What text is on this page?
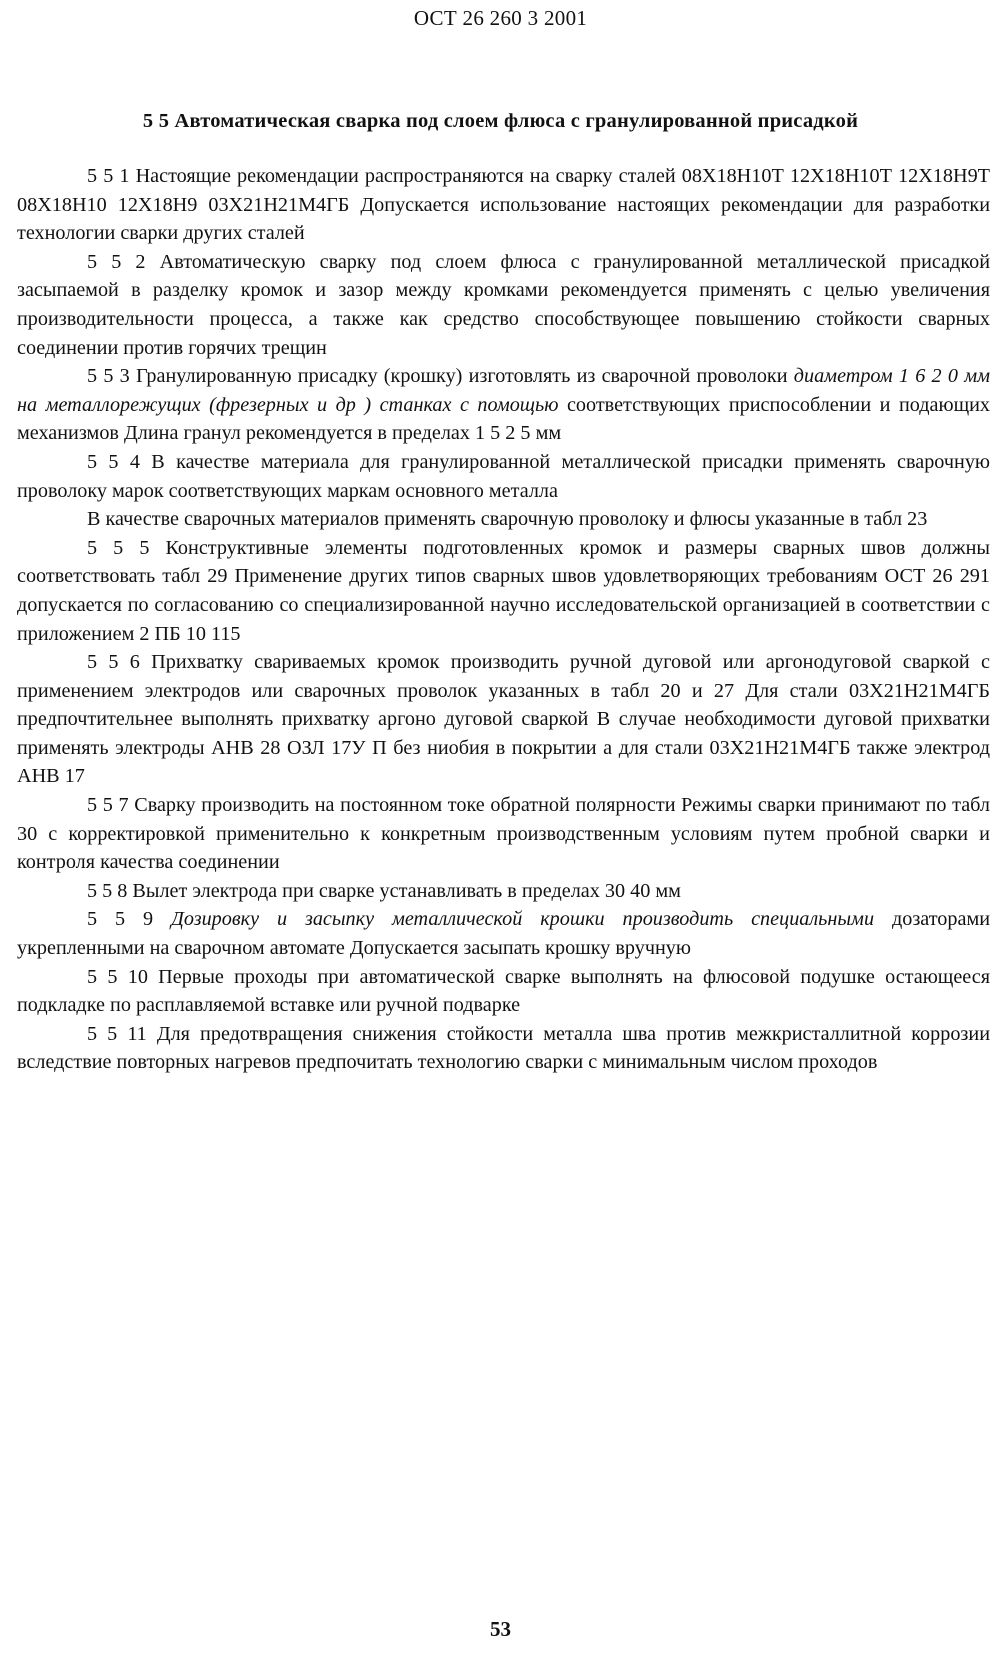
ОСТ 26 260 3 2001
5 5 Автоматическая сварка под слоем флюса с гранулированной присадкой

5 5 1 Настоящие рекомендации распространяются на сварку сталей 08Х18Н10Т 12Х18Н10Т 12Х18Н9Т 08Х18Н10 12Х18Н9 03Х21Н21М4ГБ Допускается использование настоящих рекомендации для разработки технологии сварки других сталей

5 5 2 Автоматическую сварку под слоем флюса с гранулированной металлической присадкой засыпаемой в разделку кромок и зазор между кромками рекомендуется применять с целью увеличения производительности процесса, а также как средство способствующее повышению стойкости сварных соединении против горячих трещин

5 5 3 Гранулированную присадку (крошку) изготовлять из сварочной проволоки диаметром 1 6 2 0 мм на металлорежущих (фрезерных и др ) станках с помощью соответствующих приспособлении и подающих механизмов Длина гранул рекомендуется в пределах 1 5 2 5 мм

5 5 4 В качестве материала для гранулированной металлической присадки применять сварочную проволоку марок соответствующих маркам основного металла

В качестве сварочных материалов применять сварочную проволоку и флюсы указанные в табл 23

5 5 5 Конструктивные элементы подготовленных кромок и размеры сварных швов должны соответствовать табл 29 Применение других типов сварных швов удовлетворяющих требованиям ОСТ 26 291 допускается по согласованию со специализированной научно исследовательской организацией в соответствии с приложением 2 ПБ 10 115

5 5 6 Прихватку свариваемых кромок производить ручной дуговой или аргонодуговой сваркой с применением электродов или сварочных проволок указанных в табл 20 и 27 Для стали 03Х21Н21М4ГБ предпочтительнее выполнять прихватку аргоно дуговой сваркой В случае необходимости дуговой прихватки применять электроды АНВ 28 ОЗЛ 17У П без ниобия в покрытии а для стали 03Х21Н21М4ГБ также электрод АНВ 17

5 5 7 Сварку производить на постоянном токе обратной полярности Режимы сварки принимают по табл 30 с корректировкой применительно к конкретным производственным условиям путем пробной сварки и контроля качества соединении

5 5 8 Вылет электрода при сварке устанавливать в пределах 30 40 мм

5 5 9 Дозировку и засыпку металлической крошки производить специальными дозаторами укрепленными на сварочном автомате Допускается засыпать крошку вручную

5 5 10 Первые проходы при автоматической сварке выполнять на флюсовой подушке остающееся подкладке по расплавляемой вставке или ручной подварке

5 5 11 Для предотвращения снижения стойкости металла шва против межкристаллитной коррозии вследствие повторных нагревов предпочитать технологию сварки с минимальным числом проходов

53
